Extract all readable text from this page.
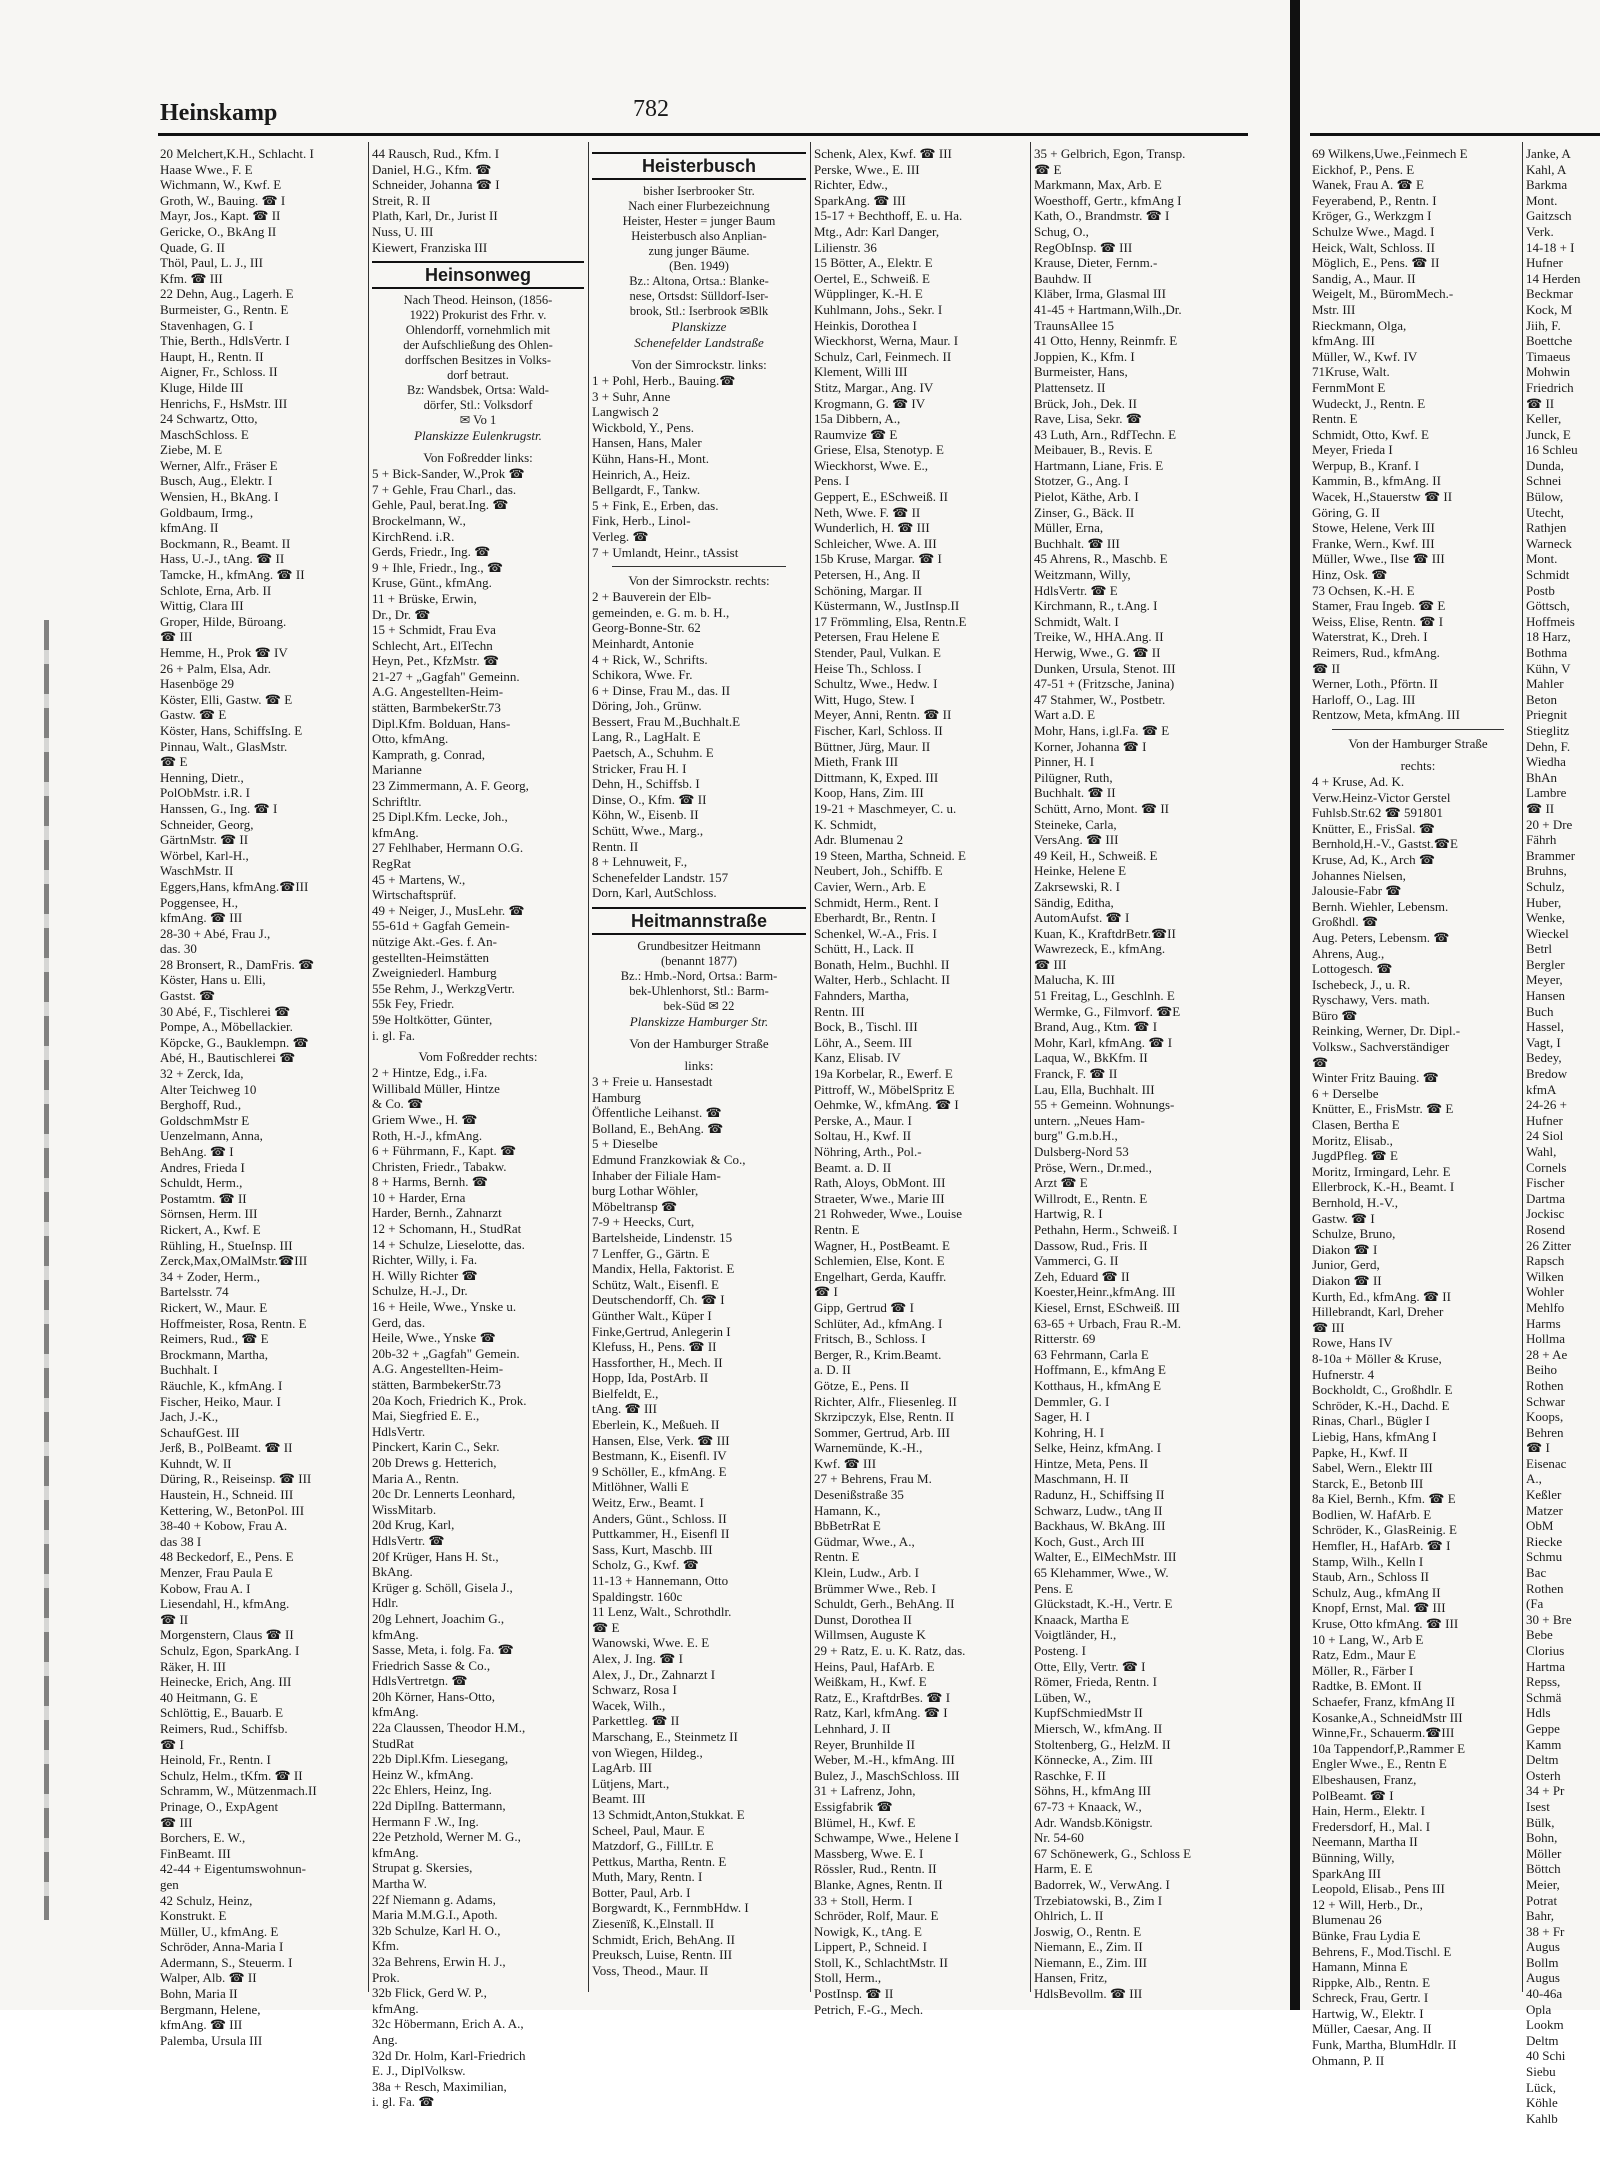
Heinskamp	782
20 Melchert,K.H., Schlacht. I
Haase Wwe., F. E
Wichmann, W., Kwf. E
Groth, W., Bauing. ☎ I
Mayr, Jos., Kapt. ☎ II
Gericke, O., BkAng II
Quade, G. II
Thöl, Paul, L. J., III
Kfm. ☎ III
22 Dehn, Aug., Lagerh. E
Burmeister, G., Rentn. E
Stavenhagen, G. I
Thie, Berth., HdlsVertr. I
Haupt, H., Rentn. II
Aigner, Fr., Schloss. II
Kluge, Hilde III
Henrichs, F., HsMstr. III
24 Schwartz, Otto,
MaschSchloss. E
Ziebe, M. E
Werner, Alfr., Fräser E
Busch, Aug., Elektr. I
Wensien, H., BkAng. I
Goldbaum, Irmg.,
kfmAng. II
Bockmann, R., Beamt. II
Hass, U.-J., tAng. ☎ II
Tamcke, H., kfmAng. ☎ II
Schlote, Erna, Arb. II
Wittig, Clara III
Groper, Hilde, Büroang.
☎ III
Hemme, H., Prok ☎ IV
26 + Palm, Elsa, Adr.
Hasenböge 29
Köster, Elli, Gastw. ☎ E
Gastw. ☎ E
Köster, Hans, SchiffsIng. E
Pinnau, Walt., GlasMstr.
☎ E
Henning, Dietr.,
PolObMstr. i.R. I
Hanssen, G., Ing. ☎ I
Schneider, Georg,
GärtnMstr. ☎ II
Wörbel, Karl-H.,
WaschMstr. II
Eggers,Hans, kfmAng.☎III
Poggensee, H.,
kfmAng. ☎ III
28-30 + Abé, Frau J.,
das. 30
28 Bronsert, R., DamFris. ☎
Köster, Hans u. Elli,
Gastst. ☎
30 Abé, F., Tischlerei ☎
Pompe, A., Möbellackier.
Köpcke, G., Bauklempn. ☎
Abé, H., Bautischlerei ☎
32 + Zerck, Ida,
Alter Teichweg 10
Berghoff, Rud.,
GoldschmMstr E
Uenzelmann, Anna,
BehAng. ☎ I
Andres, Frieda I
Schuldt, Herm.,
Postamtm. ☎ II
Sörnsen, Herm. III
Rickert, A., Kwf. E
Rühling, H., StueInsp. III
Zerck,Max,OMalMstr.☎III
34 + Zoder, Herm.,
Bartelsstr. 74
Rickert, W., Maur. E
Hoffmeister, Rosa, Rentn. E
Reimers, Rud., ☎ E
Brockmann, Martha,
Buchhalt. I
Räuchle, K., kfmAng. I
Fischer, Heiko, Maur. I
Jach, J.-K.,
SchaufGest. III
Jerß, B., PolBeamt. ☎ II
Kuhndt, W. II
Düring, R., Reiseinsp. ☎ III
Haustein, H., Schneid. III
Kettering, W., BetonPol. III
38-40 + Kobow, Frau A.
das 38 I
48 Beckedorf, E., Pens. E
Menzer, Frau Paula E
Kobow, Frau A. I
Liesendahl, H., kfmAng.
☎ II
Morgenstern, Claus ☎ II
Schulz, Egon, SparkAng. I
Räker, H. III
Heinecke, Erich, Ang. III
40 Heitmann, G. E
Schlöttig, E., Bauarb. E
Reimers, Rud., Schiffsb.
☎ I
Heinold, Fr., Rentn. I
Schulz, Helm., tKfm. ☎ II
Schramm, W., Mützenmach.II
Prinage, O., ExpAgent
☎ III
Borchers, E. W.,
FinBeamt. III
42-44 + Eigentumswohnun-
gen
42 Schulz, Heinz,
Konstrukt. E
Müller, U., kfmAng. E
Schröder, Anna-Maria I
Adermann, S., Steuerm. I
Walper, Alb. ☎ II
Bohn, Maria II
Bergmann, Helene,
kfmAng. ☎ III
Palemba, Ursula III
44 Rausch, Rud., Kfm. I
Daniel, H.G., Kfm. ☎
Schneider, Johanna ☎ I
Streit, R. II
Plath, Karl, Dr., Jurist II
Nuss, U. III
Kiewert, Franziska III
Heinsonweg
Nach Theod. Heinson, (1856-
1922) Prokurist des Frhr. v.
Ohlendorff, vornehmlich mit
der Aufschließung des Ohlen-
dorffschen Besitzes in Volks-
dorf betraut.
Bz: Wandsbek, Ortsa: Wald-
dörfer, Stl.: Volksdorf
✉ Vo 1
Planskizze Eulenkrugstr.
Von Foßredder links:
5 + Bick-Sander, W.,Prok ☎
7 + Gehle, Frau Charl., das.
Gehle, Paul, berat.Ing. ☎
Brockelmann, W.,
KirchRend. i.R.
Gerds, Friedr., Ing. ☎
9 + Ihle, Friedr., Ing., ☎
Kruse, Günt., kfmAng.
11 + Brüske, Erwin,
Dr., Dr. ☎
15 + Schmidt, Frau Eva
Schlecht, Art., ElTechn
Heyn, Pet., KfzMstr. ☎
21-27 + „Gagfah" Gemeinn.
A.G. Angestellten-Heim-
stätten, BarmbekerStr.73
Dipl.Kfm. Bolduan, Hans-
Otto, kfmAng.
Kamprath, g. Conrad,
Marianne
23 Zimmermann, A. F. Georg,
Schriftltr.
25 Dipl.Kfm. Lecke, Joh.,
kfmAng.
27 Fehlhaber, Hermann O.G.
RegRat
45 + Martens, W.,
Wirtschaftsprüf.
49 + Neiger, J., MusLehr. ☎
55-61d + Gagfah Gemein-
nützige Akt.-Ges. f. An-
gestellten-Heimstätten
Zweigniederl. Hamburg
55e Rehm, J., WerkzgVertr.
55k Fey, Friedr.
59e Holtkötter, Günter,
i. gl. Fa.
Vom Foßredder rechts:
2 + Hintze, Edg., i.Fa.
Willibald Müller, Hintze
& Co. ☎
Griem Wwe., H. ☎
Roth, H.-J., kfmAng.
6 + Führmann, F., Kapt. ☎
Christen, Friedr., Tabakw.
8 + Harms, Bernh. ☎
10 + Harder, Erna
Harder, Bernh., Zahnarzt
12 + Schomann, H., StudRat
14 + Schulze, Lieselotte, das.
Richter, Willy, i. Fa.
H. Willy Richter ☎
Schulze, H.-J., Dr.
16 + Heile, Wwe., Ynske u.
Gerd, das.
Heile, Wwe., Ynske ☎
20b-32 + „Gagfah" Gemein.
A.G. Angestellten-Heim-
stätten, BarmbekerStr.73
20a Koch, Friedrich K., Prok.
Mai, Siegfried E. E.,
HdlsVertr.
Pinckert, Karin C., Sekr.
20b Drews g. Hetterich,
Maria A., Rentn.
20c Dr. Lennerts Leonhard,
WissMitarb.
20d Krug, Karl,
HdlsVertr. ☎
20f Krüger, Hans H. St.,
BkAng.
Krüger g. Schöll, Gisela J.,
Hdlr.
20g Lehnert, Joachim G.,
kfmAng.
Sasse, Meta, i. folg. Fa. ☎
Friedrich Sasse & Co.,
HdlsVertretgn. ☎
20h Körner, Hans-Otto,
kfmAng.
22a Claussen, Theodor H.M.,
StudRat
22b Dipl.Kfm. Liesegang,
Heinz W., kfmAng.
22c Ehlers, Heinz, Ing.
22d DiplIng. Battermann,
Hermann F .W., Ing.
22e Petzhold, Werner M. G.,
kfmAng.
Strupat g. Skersies,
Martha W.
22f Niemann g. Adams,
Maria M.M.G.I., Apoth.
32b Schulze, Karl H. O.,
Kfm.
32a Behrens, Erwin H. J.,
Prok.
32b Flick, Gerd W. P.,
kfmAng.
32c Höbermann, Erich A. A.,
Ang.
32d Dr. Holm, Karl-Friedrich
E. J., DiplVolksw.
38a + Resch, Maximilian,
i. gl. Fa. ☎
Heisterbusch
bisher Iserbrooker Str.
Nach einer Flurbezeichnung
Heister, Hester = junger Baum
Heisterbusch also Anplian-
zung junger Bäume.
(Ben. 1949)
Bz.: Altona, Ortsa.: Blanke-
nese, Ortsdst: Sülldorf-Iser-
brook, Stl.: Iserbrook ✉Blk
Planskizze
Schenefelder Landstraße
Von der Simrockstr. links:
1 + Pohl, Herb., Bauing.☎
3 + Suhr, Anne
Langwisch 2
Wickbold, Y., Pens.
Hansen, Hans, Maler
Kühn, Hans-H., Mont.
Heinrich, A., Heiz.
Bellgardt, F., Tankw.
5 + Fink, E., Erben, das.
Fink, Herb., Linol-
Verleg. ☎
7 + Umlandt, Heinr., tAssist
Von der Simrockstr. rechts:
2 + Bauverein der Elb-
gemeinden, e. G. m. b. H.,
Georg-Bonne-Str. 62
Meinhardt, Antonie
4 + Rick, W., Schrifts.
Schikora, Wwe. Fr.
6 + Dinse, Frau M., das. II
Döring, Joh., Grünw.
Bessert, Frau M.,Buchhalt.E
Lang, R., LagHalt. E
Paetsch, A., Schuhm. E
Stricker, Frau H. I
Dehn, H., Schiffsb. I
Dinse, O., Kfm. ☎ II
Köhn, W., Eisenb. II
Schütt, Wwe., Marg.,
Rentn. II
8 + Lehnuweit, F.,
Schenefelder Landstr. 157
Dorn, Karl, AutSchloss.
Heitmannstraße
Grundbesitzer Heitmann
(benannt 1877)
Bz.: Hmb.-Nord, Ortsa.: Barm-
bek-Uhlenhorst, Stl.: Barm-
bek-Süd ✉ 22
Planskizze Hamburger Str.
Von der Hamburger Straße
links:
3 + Freie u. Hansestadt
Hamburg
Öffentliche Leihanst. ☎
Bolland, E., BehAng. ☎
5 + Dieselbe
Edmund Franzkowiak & Co.,
Inhaber der Filiale Ham-
burg Lothar Wöhler,
Möbeltransp ☎
7-9 + Heecks, Curt,
Bartelsheide, Lindenstr. 15
7 Lenffer, G., Gärtn. E
Mandix, Hella, Faktorist. E
Schütz, Walt., Eisenfl. E
Deutschendorff, Ch. ☎ I
Günther Walt., Küper I
Finke,Gertrud, Anlegerin I
Klefuss, H., Pens. ☎ II
Hassforther, H., Mech. II
Hopp, Ida, PostArb. II
Bielfeldt, E.,
tAng. ☎ III
Eberlein, K., Meßueh. II
Hansen, Else, Verk. ☎ III
Bestmann, K., Eisenfl. IV
9 Schöller, E., kfmAng. E
Mitlöhner, Walli E
Weitz, Erw., Beamt. I
Anders, Günt., Schloss. II
Puttkammer, H., Eisenfl II
Sass, Kurt, Maschb. III
Scholz, G., Kwf. ☎
11-13 + Hannemann, Otto
Spaldingstr. 160c
11 Lenz, Walt., Schrothdlr.
☎ E
Wanowski, Wwe. E. E
Alex, J. Ing. ☎ I
Alex, J., Dr., Zahnarzt I
Schwarz, Rosa I
Wacek, Wilh.,
Parkettleg. ☎ II
Marschang, E., Steinmetz II
von Wiegen, Hildeg.,
LagArb. III
Lütjens, Mart.,
Beamt. III
13 Schmidt,Anton,Stukkat. E
Scheel, Paul, Maur. E
Matzdorf, G., FillLtr. E
Pettkus, Martha, Rentn. E
Muth, Mary, Rentn. I
Botter, Paul, Arb. I
Borgwardt, K., FernmbHdw. I
Ziesenïß, K.,Elnstall. II
Schmidt, Erich, BehAng. II
Preuksch, Luise, Rentn. III
Voss, Theod., Maur. II
Schenk, Alex, Kwf. ☎ III
Perske, Wwe., E. III
Richter, Edw.,
SparkAng. ☎ III
15-17 + Bechthoff, E. u. Ha.
Mtg., Adr: Karl Danger,
Lilienstr. 36
15 Bötter, A., Elektr. E
Oertel, E., Schweiß. E
Wüpplinger, K.-H. E
Kuhlmann, Johs., Sekr. I
Heinkis, Dorothea I
Wieckhorst, Werna, Maur. I
Schulz, Carl, Feinmech. II
Klement, Willi III
Stitz, Margar., Ang. IV
Krogmann, G. ☎ IV
15a Dibbern, A.,
Raumvize ☎ E
Griese, Elsa, Stenotyp. E
Wieckhorst, Wwe. E.,
Pens. I
Geppert, E., ESchweiß. II
Neth, Wwe. F. ☎ II
Wunderlich, H. ☎ III
Schleicher, Wwe. A. III
15b Kruse, Margar. ☎ I
Petersen, H., Ang. II
Schöning, Margar. II
Küstermann, W., JustInsp.II
17 Frömmling, Elsa, Rentn.E
Petersen, Frau Helene E
Stender, Paul, Vulkan. E
Heise Th., Schloss. I
Schultz, Wwe., Hedw. I
Witt, Hugo, Stew. I
Meyer, Anni, Rentn. ☎ II
Fischer, Karl, Schloss. II
Büttner, Jürg, Maur. II
Mieth, Frank III
Dittmann, K, Exped. III
Koop, Hans, Zim. III
19-21 + Maschmeyer, C. u.
K. Schmidt,
Adr. Blumenau 2
19 Steen, Martha, Schneid. E
Neubert, Joh., Schiffb. E
Cavier, Wern., Arb. E
Schmidt, Herm., Rent. I
Eberhardt, Br., Rentn. I
Schenkel, W.-A., Fris. I
Schütt, H., Lack. II
Bonath, Helm., Buchhl. II
Walter, Herb., Schlacht. II
Fahnders, Martha,
Rentn. III
Bock, B., Tischl. III
Löhr, A., Seem. III
Kanz, Elisab. IV
19a Korbelar, R., Ewerf. E
Pittroff, W., MöbelSpritz E
Oehmke, W., kfmAng. ☎ I
Perske, A., Maur. I
Soltau, H., Kwf. II
Nöhring, Arth., Pol.-
Beamt. a. D. II
Rath, Aloys, ObMont. III
Straeter, Wwe., Marie III
21 Rohweder, Wwe., Louise
Rentn. E
Wagner, H., PostBeamt. E
Schlemien, Else, Kont. E
Engelhart, Gerda, Kauffr.
☎ I
Gipp, Gertrud ☎ I
Schlüter, Ad., kfmAng. I
Fritsch, B., Schloss. I
Berger, R., Krim.Beamt.
a. D. II
Götze, E., Pens. II
Richter, Alfr., Fliesenleg. II
Skrzipczyk, Else, Rentn. II
Sommer, Gertrud, Arb. III
Warnemünde, K.-H.,
Kwf. ☎ III
27 + Behrens, Frau M.
Desenißstraße 35
Hamann, K.,
BbBetrRat E
Güdmar, Wwe., A.,
Rentn. E
Klein, Ludw., Arb. I
Brümmer Wwe., Reb. I
Schuldt, Gerh., BehAng. II
Dunst, Dorothea II
Willmsen, Auguste K
29 + Ratz, E. u. K. Ratz, das.
Heins, Paul, HafArb. E
Weißkam, H., Kwf. E
Ratz, E., KraftdrBes. ☎ I
Ratz, Karl, kfmAng. ☎ I
Lehnhard, J. II
Reyer, Brunhilde II
Weber, M.-H., kfmAng. III
Bulez, J., MaschSchloss. III
31 + Lafrenz, John,
Essigfabrik ☎
Blümel, H., Kwf. E
Schwampe, Wwe., Helene I
Massberg, Wwe. E. I
Rössler, Rud., Rentn. II
Blanke, Agnes, Rentn. II
33 + Stoll, Herm. I
Schröder, Rolf, Maur. E
Nowigk, K., tAng. E
Lippert, P., Schneid. I
Stoll, K., SchlachtMstr. II
Stoll, Herm.,
PostInsp. ☎ II
Petrich, F.-G., Mech.
35 + Gelbrich, Egon, Transp.
☎ E
Markmann, Max, Arb. E
Woesthoff, Gertr., kfmAng I
Kath, O., Brandmstr. ☎ I
Schug, O.,
RegObInsp. ☎ III
Krause, Dieter, Fernm.-
Bauhdw. II
Kläber, Irma, Glasmal III
41-45 + Hartmann,Wilh.,Dr.
TraunsAllee 15
41 Otto, Henny, Reinmfr. E
Joppien, K., Kfm. I
Burmeister, Hans,
Plattensetz. II
Brück, Joh., Dek. II
Rave, Lisa, Sekr. ☎
43 Luth, Arn., RdfTechn. E
Meibauer, B., Revis. E
Hartmann, Liane, Fris. E
Stotzer, G., Ang. I
Pielot, Käthe, Arb. I
Zinser, G., Bäck. II
Müller, Erna,
Buchhalt. ☎ III
45 Ahrens, R., Maschb. E
Weitzmann, Willy,
HdlsVertr. ☎ E
Kirchmann, R., t.Ang. I
Schmidt, Walt. I
Treike, W., HHA.Ang. II
Herwig, Wwe., G. ☎ II
Dunken, Ursula, Stenot. III
47-51 + (Fritzsche, Janina)
47 Stahmer, W., Postbetr.
Wart a.D. E
Mohr, Hans, i.gl.Fa. ☎ E
Korner, Johanna ☎ I
Pinner, H. I
Pilügner, Ruth,
Buchhalt. ☎ II
Schütt, Arno, Mont. ☎ II
Steineke, Carla,
VersAng. ☎ III
49 Keil, H., Schweiß. E
Heinke, Helene E
Zakrsewski, R. I
Sändig, Editha,
AutomAufst. ☎ I
Kuan, K., KraftdrBetr.☎II
Wawrezeck, E., kfmAng.
☎ III
Malucha, K. III
51 Freitag, L., Geschlnh. E
Wermke, G., Filmvorf. ☎E
Brand, Aug., Ktm. ☎ I
Mohr, Karl, kfmAng. ☎ I
Laqua, W., BkKfm. II
Franck, F. ☎ II
Lau, Ella, Buchhalt. III
55 + Gemeinn. Wohnungs-
untern. „Neues Ham-
burg" G.m.b.H.,
Dulsberg-Nord 53
Pröse, Wern., Dr.med.,
Arzt ☎ E
Willrodt, E., Rentn. E
Hartwig, R. I
Pethahn, Herm., Schweiß. I
Dassow, Rud., Fris. II
Vammerci, G. II
Zeh, Eduard ☎ II
Koester,Heinr.,kfmAng. III
Kiesel, Ernst, ESchweiß. III
63-65 + Urbach, Frau R.-M.
Ritterstr. 69
63 Fehrmann, Carla E
Hoffmann, E., kfmAng E
Kotthaus, H., kfmAng E
Demmler, G. I
Sager, H. I
Kohring, H. I
Selke, Heinz, kfmAng. I
Hintze, Meta, Pens. II
Maschmann, H. II
Radunz, H., Schiffsing II
Schwarz, Ludw., tAng II
Backhaus, W. BkAng. III
Koch, Gust., Arch III
Walter, E., ElMechMstr. III
65 Klehammer, Wwe., W.
Pens. E
Glückstadt, K.-H., Vertr. E
Knaack, Martha E
Voigtländer, H.,
Posteng. I
Otte, Elly, Vertr. ☎ I
Römer, Frieda, Rentn. I
Lüben, W.,
KupfSchmiedMstr II
Miersch, W., kfmAng. II
Stoltenberg, G., HelzM. II
Könnecke, A., Zim. III
Raschke, F. II
Söhns, H., kfmAng III
67-73 + Knaack, W.,
Adr. Wandsb.Königstr.
Nr. 54-60
67 Schönewerk, G., Schloss E
Harm, E. E
Badorrek, W., VerwAng. I
Trzebiatowski, B., Zim I
Ohlrich, L. II
Joswig, O., Rentn. E
Niemann, E., Zim. II
Niemann, E., Zim. III
Hansen, Fritz,
HdlsBevollm. ☎ III
69 Wilkens,Uwe.,Feinmech E
Eickhof, P., Pens. E
Wanek, Frau A. ☎ E
Feyerabend, P., Rentn. I
Kröger, G., Werkzgm I
Schulze Wwe., Magd. I
Heick, Walt, Schloss. II
Möglich, E., Pens. ☎ II
Sandig, A., Maur. II
Weigelt, M., BüromMech.-
Mstr. III
Rieckmann, Olga,
kfmAng. III
Müller, W., Kwf. IV
71Kruse, Walt.
FernmMont E
Wudeckt, J., Rentn. E
Rentn. E
Schmidt, Otto, Kwf. E
Meyer, Frieda I
Werpup, B., Kranf. I
Kammin, B., kfmAng. II
Wacek, H.,Stauerstw ☎ II
Göring, G. II
Stowe, Helene, Verk III
Franke, Wern., Kwf. III
Müller, Wwe., Ilse ☎ III
Hinz, Osk. ☎
73 Ochsen, K.-H. E
Stamer, Frau Ingeb. ☎ E
Weiss, Elise, Rentn. ☎ I
Waterstrat, K., Dreh. I
Reimers, Rud., kfmAng.
☎ II
Werner, Loth., Pförtn. II
Harloff, O., Lag. III
Rentzow, Meta, kfmAng. III
Von der Hamburger Straße
rechts:
4 + Kruse, Ad. K.
Verw.Heinz-Victor Gerstel
Fuhlsb.Str.62 ☎ 591801
Knütter, E., FrisSal. ☎
Bernhold,H.-V., Gastst.☎E
Kruse, Ad, K., Arch ☎
Johannes Nielsen,
Jalousie-Fabr ☎
Bernh. Wiehler, Lebensm.
Großhdl. ☎
Aug. Peters, Lebensm. ☎
Ahrens, Aug.,
Lottogesch. ☎
Ischebeck, J., u. R.
Ryschawy, Vers. math.
Büro ☎
Reinking, Werner, Dr. Dipl.-
Volksw., Sachverständiger
☎
Winter Fritz Bauing. ☎
6 + Derselbe
Knütter, E., FrisMstr. ☎ E
Clasen, Bertha E
Moritz, Elisab.,
JugdPfleg. ☎ E
Moritz, Irmingard, Lehr. E
Ellerbrock, K.-H., Beamt. I
Bernhold, H.-V.,
Gastw. ☎ I
Schulze, Bruno,
Diakon ☎ I
Junior, Gerd,
Diakon ☎ II
Kurth, Ed., kfmAng. ☎ II
Hillebrandt, Karl, Dreher
☎ III
Rowe, Hans IV
8-10a + Möller & Kruse,
Hufnerstr. 4
Bockholdt, C., Großhdlr. E
Schröder, K.-H., Dachd. E
Rinas, Charl., Bügler I
Liebig, Hans, kfmAng I
Papke, H., Kwf. II
Sabel, Wern., Elektr III
Starck, E., Betonb III
8a Kiel, Bernh., Kfm. ☎ E
Bodlien, W. HafArb. E
Schröder, K., GlasReinig. E
Hemfler, H., HafArb. ☎ I
Stamp, Wilh., Kelln I
Staub, Arn., Schloss II
Schulz, Aug., kfmAng II
Knopf, Ernst, Mal. ☎ III
Kruse, Otto kfmAng. ☎ III
10 + Lang, W., Arb E
Ratz, Edm., Maur E
Möller, R., Färber I
Radtke, B. EMont. II
Schaefer, Franz, kfmAng II
Kosanke,A., SchneidMstr III
Winne,Fr., Schauerm.☎III
10a Tappendorf,P.,Rammer E
Engler Wwe., E., Rentn E
Elbeshausen, Franz,
PolBeamt. ☎ I
Hain, Herm., Elektr. I
Fredersdorf, H., Mal. I
Neemann, Martha II
Bünning, Willy,
SparkAng III
Leopold, Elisab., Pens III
12 + Will, Herb., Dr.,
Blumenau 26
Bünke, Frau Lydia E
Behrens, F., Mod.Tischl. E
Hamann, Minna E
Rippke, Alb., Rentn. E
Schreck, Frau, Gertr. I
Hartwig, W., Elektr. I
Müller, Caesar, Ang. II
Funk, Martha, BlumHdlr. II
Ohmann, P. II
Janke, A
Kahl, A
Barkma
Mont.
Gaitzsch
Verk.
14-18 + I
Hufner
14 Herden
Beckmar
Kock, M
Jiih, F.
Boettche
Timaeus
Mohwin
Friedrich
☎ II
Keller,
Junck, E
16 Schleu
Dunda,
Schnei
Bülow,
Utecht,
Rathjen
Warneck
Mont.
Schmidt
Postb
Göttsch,
Hoffmeis
18 Harz,
Bothma
Kühn, V
Mahler
Beton
Priegnit
Stieglitz
Dehn, F.
Wiedha
BhAn
Lambre
☎ II
20 + Dre
Fährh
Brammer
Bruhns,
Schulz,
Huber,
Wenke,
Wieckel
Betrl
Bergler
Meyer,
Hansen
Buch
Hassel,
Vagt, I
Bedey,
Bredow
kfmA
24-26 +
Hufner
24 Siol
Wahl,
Cornels
Fischer
Dartma
Jockisc
Rosend
26 Zitter
Rapsch
Wilken
Wohler
Mehlfo
Harms
Hollma
28 + Ae
Beiho
Rothen
Schwar
Koops,
Behren
☎ I
Eisenac
A.,
Keßler
Matzer
ObM
Riecke
Schmu
Bac
Rothen
(Fa
30 + Bre
Bebe
Clorius
Hartma
Repss,
Schmä
Hdls
Geppe
Kamm
Deltm
Osterh
34 + Pr
Isest
Bülk,
Bohn,
Möller
Böttch
Meier,
Potrat
Bahr,
38 + Fr
Augus
Bollm
Augus
40-46a
Opla
Lookm
Deltm
40 Schi
Siebu
Lück,
Köhle
Kahlb
